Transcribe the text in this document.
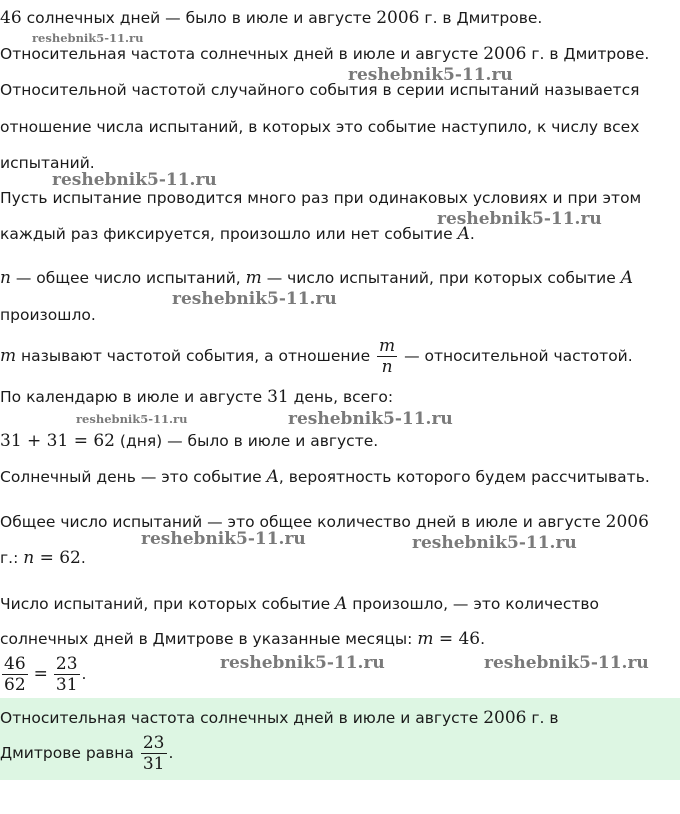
46 солнечных дней — было в июле и августе 2006 г. в Дмитрове.
Относительная частота солнечных дней в июле и августе 2006 г. в Дмитрове.
Относительной частотой случайного события в серии испытаний называется
отношение числа испытаний, в которых это событие наступило, к числу всех
испытаний.
Пусть испытание проводится много раз при одинаковых условиях и при этом
каждый раз фиксируется, произошло или нет событие A.
n — общее число испытаний, m — число испытаний, при которых событие A
произошло.
m называют частотой события, а отношение $\frac{m}{n}$ — относительной частотой.
По календарю в июле и августе 31 день, всего:
31 + 31 = 62 (дня) — было в июле и августе.
Солнечный день — это событие A, вероятность которого будем рассчитывать.
Общее число испытаний — это общее количество дней в июле и августе 2006
г.: n = 62.
Число испытаний, при которых событие A произошло, — это количество
солнечных дней в Дмитрове в указанные месяцы: m = 46.
$\frac{46}{62} = \frac{23}{31}$ .
Относительная частота солнечных дней в июле и августе 2006 г. в
Дмитрове равна $\frac{23}{31}$ .
reshebnik5-11.ru
reshebnik5-11.ru
reshebnik5-11.ru
reshebnik5-11.ru
reshebnik5-11.ru
reshebnik5-11.ru	reshebnik5-11.ru
reshebnik5-11.ru	reshebnik5-11.ru
reshebnik5-11.ru	reshebnik5-11.ru
